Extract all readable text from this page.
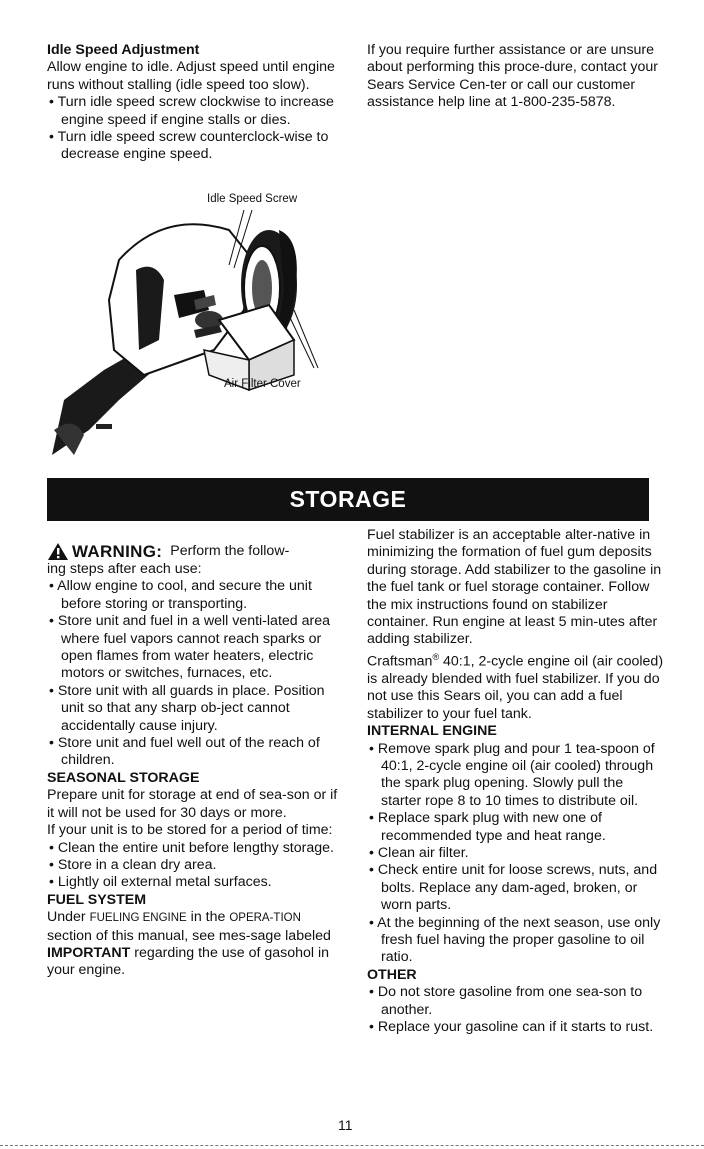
Idle Speed Adjustment

Allow engine to idle. Adjust speed until engine runs without stalling (idle speed too slow).

• Turn idle speed screw clockwise to increase engine speed if engine stalls or dies.

• Turn idle speed screw counterclock-wise to decrease engine speed.

If you require further assistance or are unsure about performing this proce-dure, contact your Sears Service Cen-ter or call our customer assistance help line at 1-800-235-5878.

Idle Speed Screw
Air Filter Cover
STORAGE
WARNING: Perform the follow-

ing steps after each use:

• Allow engine to cool, and secure the unit before storing or transporting.

• Store unit and fuel in a well venti-lated area where fuel vapors cannot reach sparks or open flames from water heaters, electric motors or switches, furnaces, etc.

• Store unit with all guards in place. Position unit so that any sharp ob-ject cannot accidentally cause injury.

• Store unit and fuel well out of the reach of children.

SEASONAL STORAGE

Prepare unit for storage at end of sea-son or if it will not be used for 30 days or more.

If your unit is to be stored for a period of time:

• Clean the entire unit before lengthy storage.

• Store in a clean dry area.

• Lightly oil external metal surfaces.

FUEL SYSTEM

Under FUELING ENGINE in the OPERA-TION section of this manual, see mes-sage labeled IMPORTANT regarding the use of gasohol in your engine.

Fuel stabilizer is an acceptable alter-native in minimizing the formation of fuel gum deposits during storage. Add stabilizer to the gasoline in the fuel tank or fuel storage container. Follow the mix instructions found on stabilizer container. Run engine at least 5 min-utes after adding stabilizer.

Craftsman® 40:1, 2-cycle engine oil (air cooled) is already blended with fuel stabilizer. If you do not use this Sears oil, you can add a fuel stabilizer to your fuel tank.

INTERNAL ENGINE

• Remove spark plug and pour 1 tea-spoon of 40:1, 2-cycle engine oil (air cooled) through the spark plug opening. Slowly pull the starter rope 8 to 10 times to distribute oil.

• Replace spark plug with new one of recommended type and heat range.

• Clean air filter.

• Check entire unit for loose screws, nuts, and bolts. Replace any dam-aged, broken, or worn parts.

• At the beginning of the next season, use only fresh fuel having the proper gasoline to oil ratio.

OTHER

• Do not store gasoline from one sea-son to another.

• Replace your gasoline can if it starts to rust.

11
